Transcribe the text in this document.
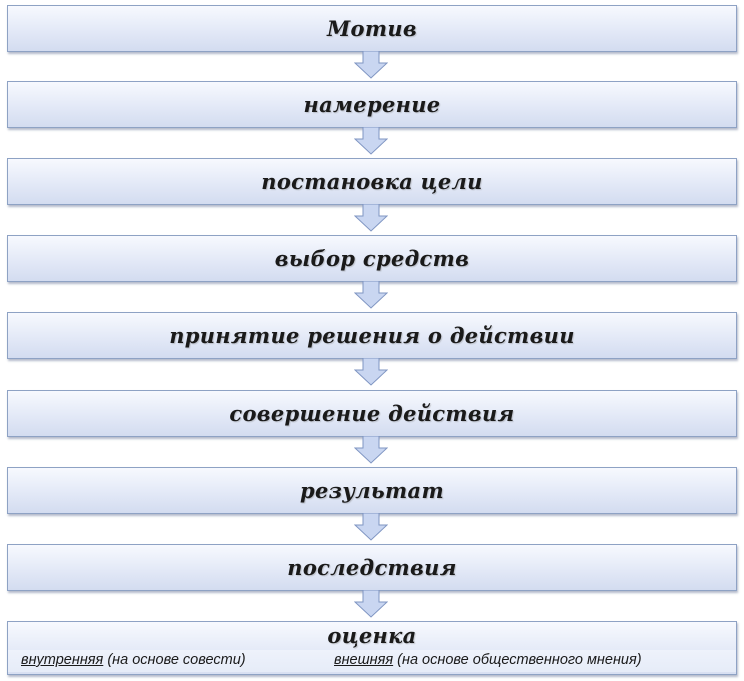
Мотив
намерение
постановка цели
выбор средств
принятие решения о действии
совершение действия
результат
последствия
оценка
внутренняя (на основе совести)	внешняя (на основе общественного мнения)
